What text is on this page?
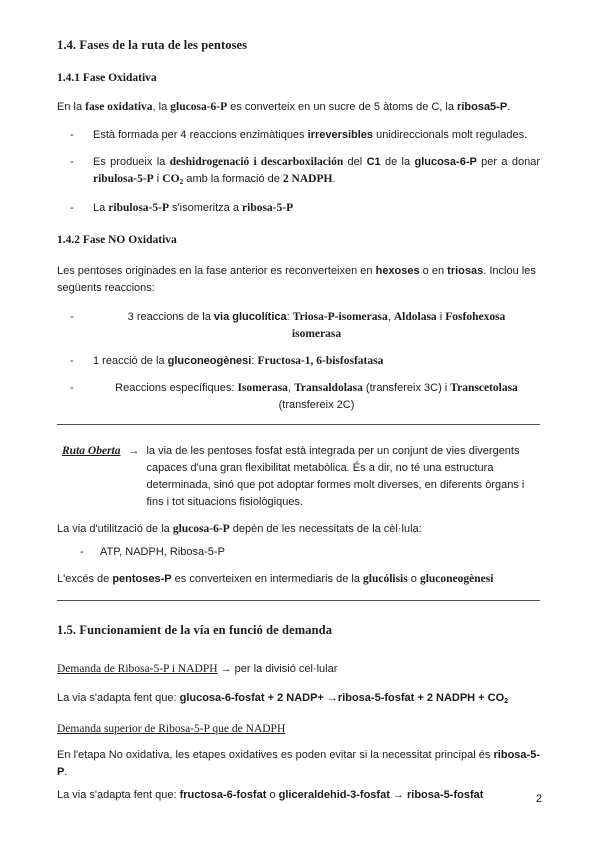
1.4. Fases de la ruta de les pentoses
1.4.1 Fase Oxidativa

En la fase oxidativa, la glucosa-6-P es converteix en un sucre de 5 àtoms de C, la ribosa5-P.

- Està formada per 4 reaccions enzimàtiques irreversibles unidireccionals molt regulades.
- Es produeix la deshidrogenació i descarboxilación del C1 de la glucosa-6-P per a donar ribulosa-5-P i $CO_2$ amb la formació de 2 NADPH.
- La ribulosa-5-P s'isomeritza a ribosa-5-P
1.4.2 Fase NO Oxidativa

Les pentoses originades en la fase anterior es reconverteixen en hexoses o en triosas. Inclou les següents reaccions:

- 3 reaccions de la via glucolítica: Triosa-P-isomerasa, Aldolasa i Fosfohexosa
isomerasa
- 1 reacció de la gluconeogènesi: Fructosa-1, 6-bisfosfatasa
- Reaccions específiques: Isomerasa, Transaldolasa (transfereix 3C) i Transcetolasa
(transfereix 2C)
Ruta Oberta → la via de les pentoses fosfat està integrada per un conjunt de vies divergents capaces d'una gran flexibilitat metabòlica. És a dir, no té una estructura determinada, sinó que pot adoptar formes molt diverses, en diferents òrgans i fins i tot situacions fisiològiques.

La via d'utilització de la glucosa-6-P depèn de les necessitats de la cèl·lula:

- ATP, NADPH, Ribosa-5-P

L'excés de pentoses-P es converteixen en intermediaris de la glucólisis o gluconeogènesi

1.5. Funcionamient de la vía en funció de demanda

Demanda de Ribosa-5-P i NADPH → per la divisió cel·lular

La via s'adapta fent que: glucosa-6-fosfat + 2 NADP+ →ribosa-5-fosfat + 2 NADPH + $CO_2$

Demanda superior de Ribosa-5-P que de NADPH

En l'etapa No oxidativa, les etapes oxidatives es poden evitar si la necessitat principal és ribosa-5-P.

La via s'adapta fent que: fructosa-6-fosfat o gliceraldehid-3-fosfat → ribosa-5-fosfat	2
